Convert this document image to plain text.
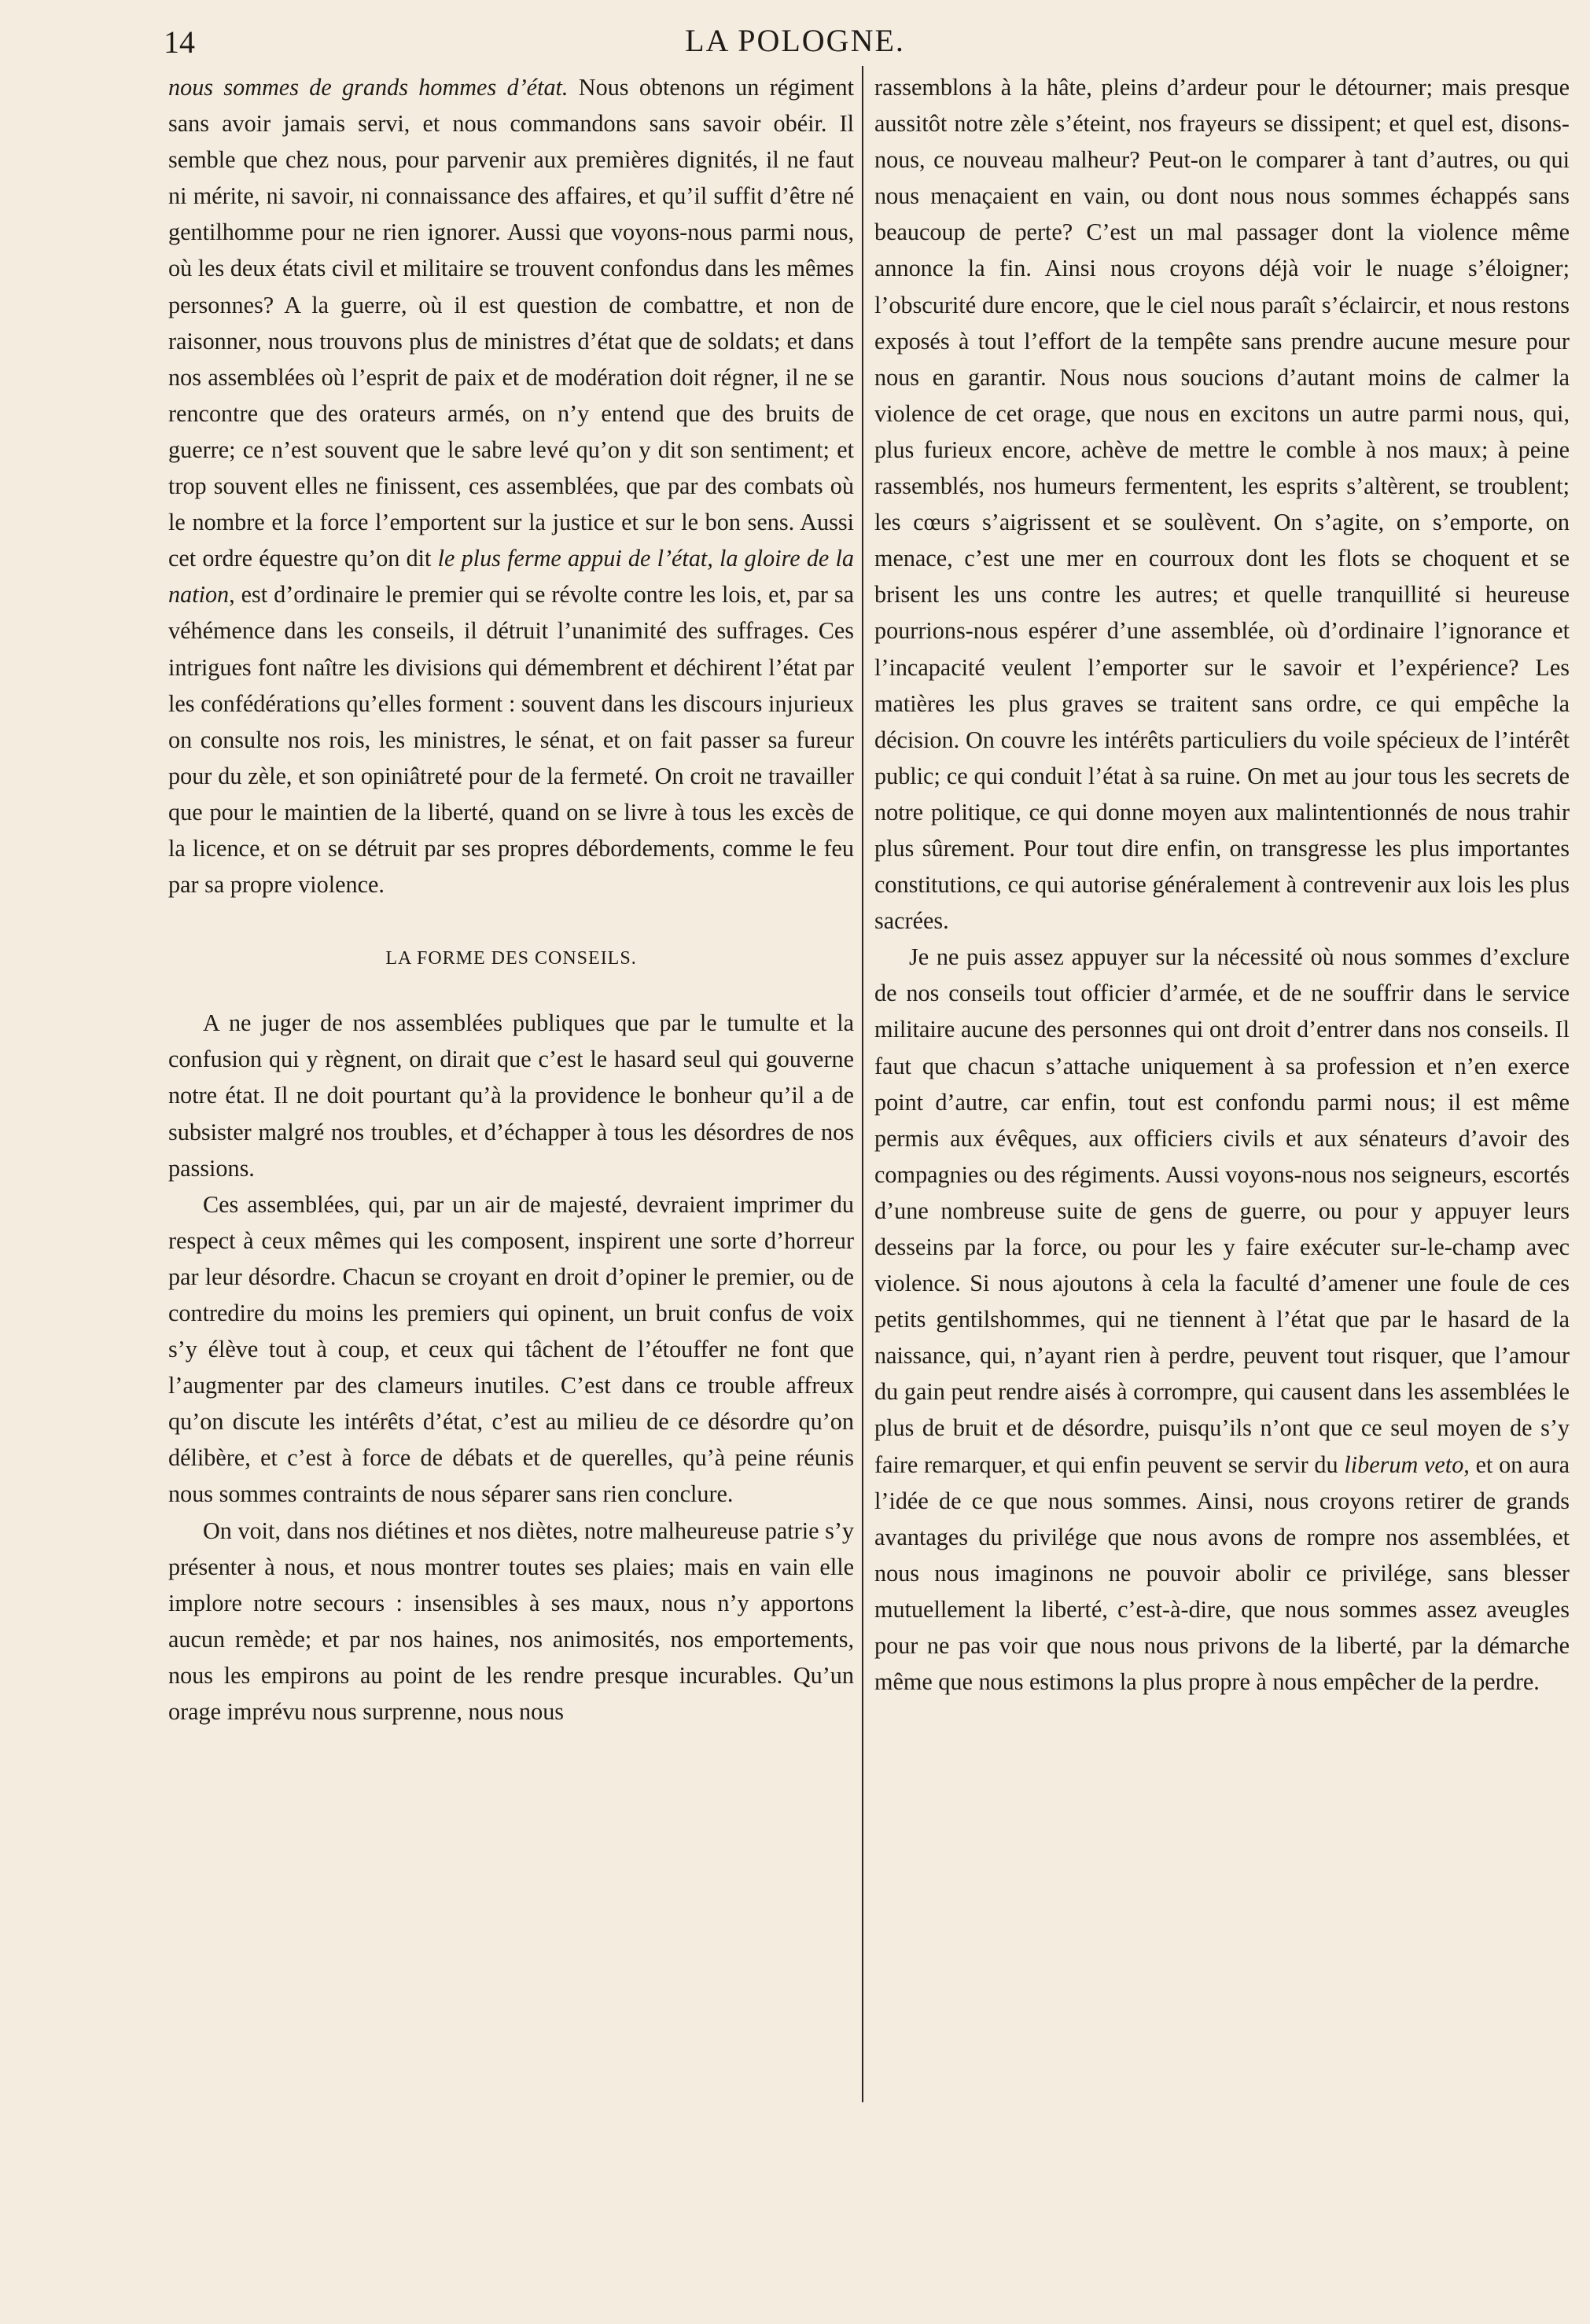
14	LA POLOGNE.

nous sommes de grands hommes d’état. Nous obtenons un régiment sans avoir jamais servi, et nous commandons sans savoir obéir. Il semble que chez nous, pour parvenir aux premières dignités, il ne faut ni mérite, ni savoir, ni connaissance des affaires, et qu’il suffit d’être né gentilhomme pour ne rien ignorer. Aussi que voyons-nous parmi nous, où les deux états civil et militaire se trouvent confondus dans les mêmes personnes? A la guerre, où il est question de combattre, et non de raisonner, nous trouvons plus de ministres d’état que de soldats; et dans nos assemblées où l’esprit de paix et de modération doit régner, il ne se rencontre que des orateurs armés, on n’y entend que des bruits de guerre; ce n’est souvent que le sabre levé qu’on y dit son sentiment; et trop souvent elles ne finissent, ces assemblées, que par des combats où le nombre et la force l’emportent sur la justice et sur le bon sens. Aussi cet ordre équestre qu’on dit le plus ferme appui de l’état, la gloire de la nation, est d’ordinaire le premier qui se révolte contre les lois, et, par sa véhémence dans les conseils, il détruit l’unanimité des suffrages. Ces intrigues font naître les divisions qui démembrent et déchirent l’état par les confédérations qu’elles forment : souvent dans les discours injurieux on consulte nos rois, les ministres, le sénat, et on fait passer sa fureur pour du zèle, et son opiniâtreté pour de la fermeté. On croit ne travailler que pour le maintien de la liberté, quand on se livre à tous les excès de la licence, et on se détruit par ses propres débordements, comme le feu par sa propre violence.

LA FORME DES CONSEILS.

A ne juger de nos assemblées publiques que par le tumulte et la confusion qui y règnent, on dirait que c’est le hasard seul qui gouverne notre état. Il ne doit pourtant qu’à la providence le bonheur qu’il a de subsister malgré nos troubles, et d’échapper à tous les désordres de nos passions.

Ces assemblées, qui, par un air de majesté, devraient imprimer du respect à ceux mêmes qui les composent, inspirent une sorte d’horreur par leur désordre. Chacun se croyant en droit d’opiner le premier, ou de contredire du moins les premiers qui opinent, un bruit confus de voix s’y élève tout à coup, et ceux qui tâchent de l’étouffer ne font que l’augmenter par des clameurs inutiles. C’est dans ce trouble affreux qu’on discute les intérêts d’état, c’est au milieu de ce désordre qu’on délibère, et c’est à force de débats et de querelles, qu’à peine réunis nous sommes contraints de nous séparer sans rien conclure.

On voit, dans nos diétines et nos diètes, notre malheureuse patrie s’y présenter à nous, et nous montrer toutes ses plaies; mais en vain elle implore notre secours : insensibles à ses maux, nous n’y apportons aucun remède; et par nos haines, nos animosités, nos emportements, nous les empirons au point de les rendre presque incurables. Qu’un orage imprévu nous surprenne, nous nous

rassemblons à la hâte, pleins d’ardeur pour le détourner; mais presque aussitôt notre zèle s’éteint, nos frayeurs se dissipent; et quel est, disons-nous, ce nouveau malheur? Peut-on le comparer à tant d’autres, ou qui nous menaçaient en vain, ou dont nous nous sommes échappés sans beaucoup de perte? C’est un mal passager dont la violence même annonce la fin. Ainsi nous croyons déjà voir le nuage s’éloigner; l’obscurité dure encore, que le ciel nous paraît s’éclaircir, et nous restons exposés à tout l’effort de la tempête sans prendre aucune mesure pour nous en garantir. Nous nous soucions d’autant moins de calmer la violence de cet orage, que nous en excitons un autre parmi nous, qui, plus furieux encore, achève de mettre le comble à nos maux; à peine rassemblés, nos humeurs fermentent, les esprits s’altèrent, se troublent; les cœurs s’aigrissent et se soulèvent. On s’agite, on s’emporte, on menace, c’est une mer en courroux dont les flots se choquent et se brisent les uns contre les autres; et quelle tranquillité si heureuse pourrions-nous espérer d’une assemblée, où d’ordinaire l’ignorance et l’incapacité veulent l’emporter sur le savoir et l’expérience? Les matières les plus graves se traitent sans ordre, ce qui empêche la décision. On couvre les intérêts particuliers du voile spécieux de l’intérêt public; ce qui conduit l’état à sa ruine. On met au jour tous les secrets de notre politique, ce qui donne moyen aux malintentionnés de nous trahir plus sûrement. Pour tout dire enfin, on transgresse les plus importantes constitutions, ce qui autorise généralement à contrevenir aux lois les plus sacrées.

Je ne puis assez appuyer sur la nécessité où nous sommes d’exclure de nos conseils tout officier d’armée, et de ne souffrir dans le service militaire aucune des personnes qui ont droit d’entrer dans nos conseils. Il faut que chacun s’attache uniquement à sa profession et n’en exerce point d’autre, car enfin, tout est confondu parmi nous; il est même permis aux évêques, aux officiers civils et aux sénateurs d’avoir des compagnies ou des régiments. Aussi voyons-nous nos seigneurs, escortés d’une nombreuse suite de gens de guerre, ou pour y appuyer leurs desseins par la force, ou pour les y faire exécuter sur-le-champ avec violence. Si nous ajoutons à cela la faculté d’amener une foule de ces petits gentilshommes, qui ne tiennent à l’état que par le hasard de la naissance, qui, n’ayant rien à perdre, peuvent tout risquer, que l’amour du gain peut rendre aisés à corrompre, qui causent dans les assemblées le plus de bruit et de désordre, puisqu’ils n’ont que ce seul moyen de s’y faire remarquer, et qui enfin peuvent se servir du liberum veto, et on aura l’idée de ce que nous sommes. Ainsi, nous croyons retirer de grands avantages du privilége que nous avons de rompre nos assemblées, et nous nous imaginons ne pouvoir abolir ce privilége, sans blesser mutuellement la liberté, c’est-à-dire, que nous sommes assez aveugles pour ne pas voir que nous nous privons de la liberté, par la démarche même que nous estimons la plus propre à nous empêcher de la perdre.
